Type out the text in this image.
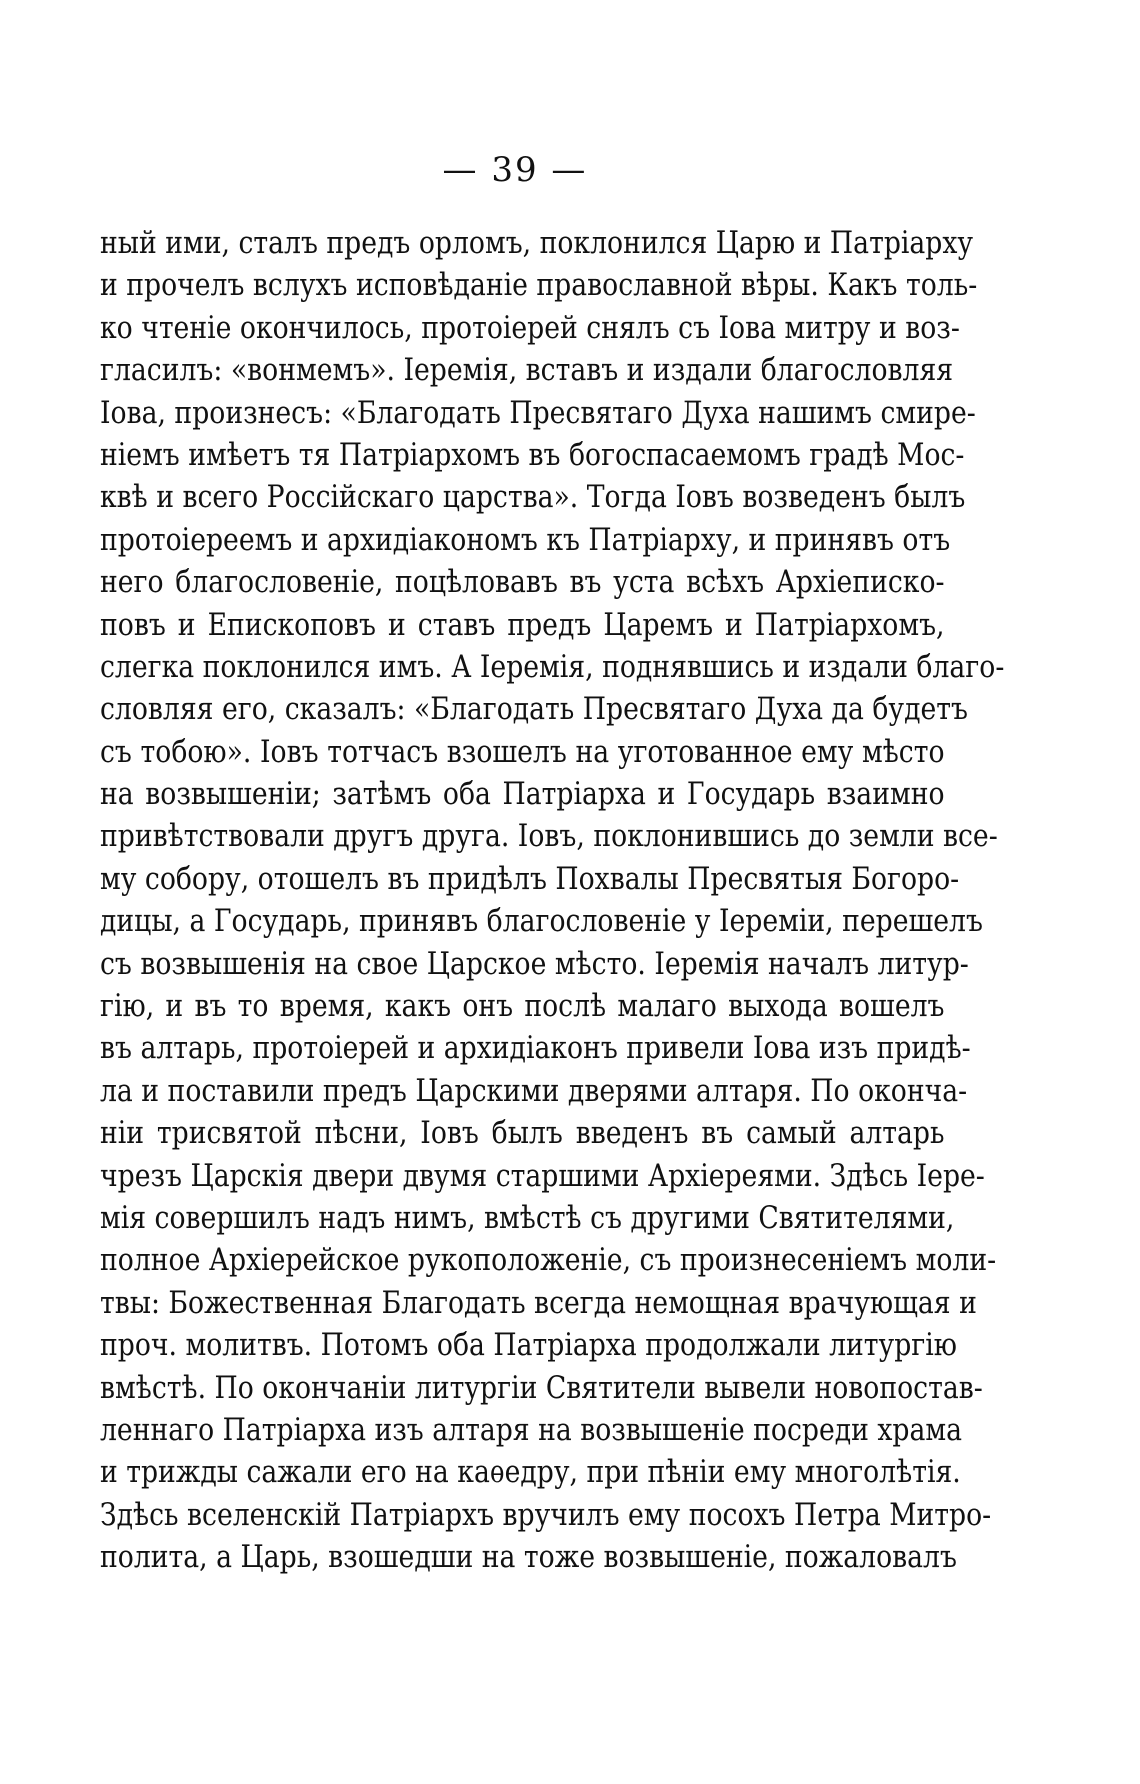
— 39 —
ный ими, сталъ предъ орломъ, поклонился Царю и Патріарху
и прочелъ вслухъ исповѣданіе православной вѣры. Какъ толь-
ко чтеніе окончилось, протоіерей снялъ съ Іова митру и воз-
гласилъ: «вонмемъ». Іеремія, вставъ и издали благословляя
Іова, произнесъ: «Благодать Пресвятаго Духа нашимъ смире-
ніемъ имѣетъ тя Патріархомъ въ богоспасаемомъ градѣ Мос-
квѣ и всего Россійскаго царства». Тогда Іовъ возведенъ былъ
протоіереемъ и архидіакономъ къ Патріарху, и принявъ отъ
него благословеніе, поцѣловавъ въ уста всѣхъ Архіеписко-
повъ и Епископовъ и ставъ предъ Царемъ и Патріархомъ,
слегка поклонился имъ. А Іеремія, поднявшись и издали благо-
словляя его, сказалъ: «Благодать Пресвятаго Духа да будетъ
съ тобою». Іовъ тотчасъ взошелъ на уготованное ему мѣсто
на возвышеніи; затѣмъ оба Патріарха и Государь взаимно
привѣтствовали другъ друга. Іовъ, поклонившись до земли все-
му собору, отошелъ въ придѣлъ Похвалы Пресвятыя Богоро-
дицы, а Государь, принявъ благословеніе у Іереміи, перешелъ
съ возвышенія на свое Царское мѣсто. Іеремія началъ литур-
гію, и въ то время, какъ онъ послѣ малаго выхода вошелъ
въ алтарь, протоіерей и архидіаконъ привели Іова изъ придѣ-
ла и поставили предъ Царскими дверями алтаря. По оконча-
ніи трисвятой пѣсни, Іовъ былъ введенъ въ самый алтарь
чрезъ Царскія двери двумя старшими Архіереями. Здѣсь Іере-
мія совершилъ надъ нимъ, вмѣстѣ съ другими Святителями,
полное Архіерейское рукоположеніе, съ произнесеніемъ моли-
твы: Божественная Благодать всегда немощная врачующая и
проч. молитвъ. Потомъ оба Патріарха продолжали литургію
вмѣстѣ. По окончаніи литургіи Святители вывели новопостав-
леннаго Патріарха изъ алтаря на возвышеніе посреди храма
и трижды сажали его на каѳедру, при пѣніи ему многолѣтія.
Здѣсь вселенскій Патріархъ вручилъ ему посохъ Петра Митро-
полита, а Царь, взошедши на тоже возвышеніе, пожаловалъ
